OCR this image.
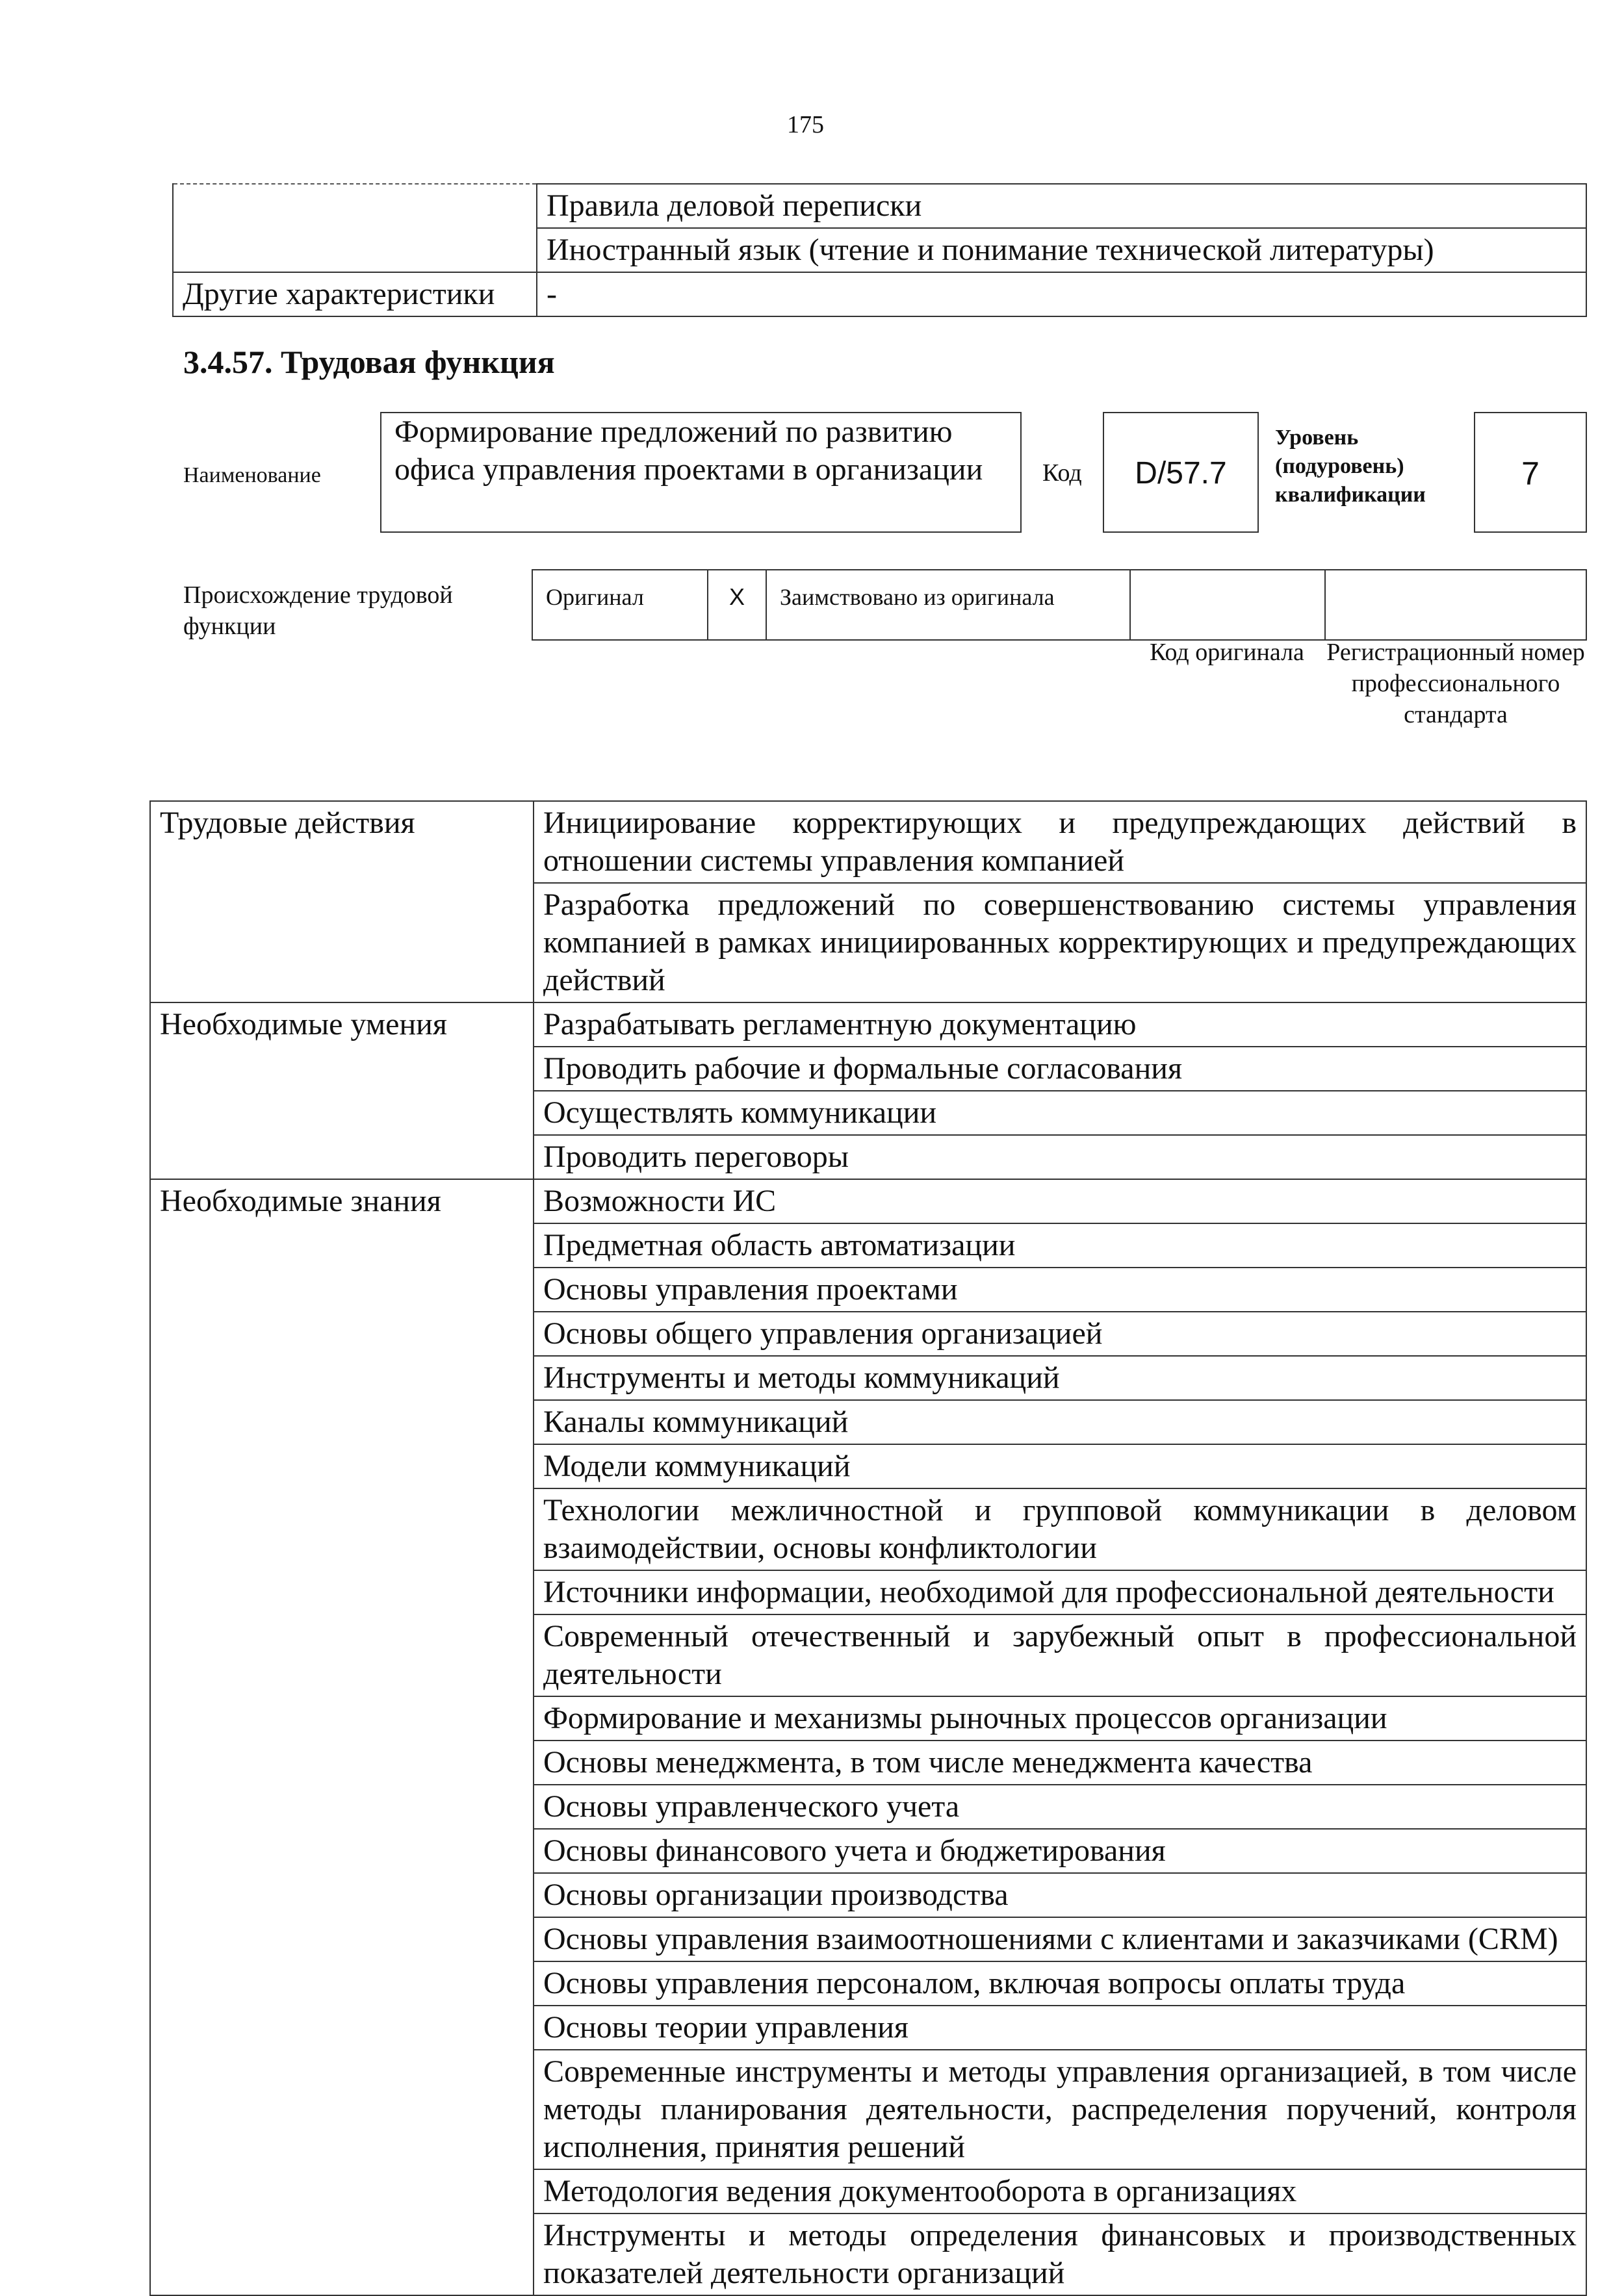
175
	Правила деловой переписки
	Иностранный язык (чтение и понимание технической литературы)
Другие характеристики	-
3.4.57. Трудовая функция
Наименование
Формирование предложений по развитию офиса управления проектами в организации	Код	D/57.7
Уровень (подуровень) квалификации
7
Происхождение трудовой функции
Оригинал	X	Заимствовано из оригинала		
Код оригинала Регистрационный номер профессионального стандарта
Трудовые действия	Инициирование корректирующих и предупреждающих действий в отношении системы управления компанией
	Разработка предложений по совершенствованию системы управления компанией в рамках инициированных корректирующих и предупреждающих действий
Необходимые умения	Разрабатывать регламентную документацию
	Проводить рабочие и формальные согласования
	Осуществлять коммуникации
	Проводить переговоры
Необходимые знания	Возможности ИС
	Предметная область автоматизации
	Основы управления проектами
	Основы общего управления организацией
	Инструменты и методы коммуникаций
	Каналы коммуникаций
	Модели коммуникаций
	Технологии межличностной и групповой коммуникации в деловом взаимодействии, основы конфликтологии
	Источники информации, необходимой для профессиональной деятельности
	Современный отечественный и зарубежный опыт в профессиональной деятельности
	Формирование и механизмы рыночных процессов организации
	Основы менеджмента, в том числе менеджмента качества
	Основы управленческого учета
	Основы финансового учета и бюджетирования
	Основы организации производства
	Основы управления взаимоотношениями с клиентами и заказчиками (CRM)
	Основы управления персоналом, включая вопросы оплаты труда
	Основы теории управления
	Современные инструменты и методы управления организацией, в том числе методы планирования деятельности, распределения поручений, контроля исполнения, принятия решений
	Методология ведения документооборота в организациях
	Инструменты и методы определения финансовых и производственных показателей деятельности организаций
